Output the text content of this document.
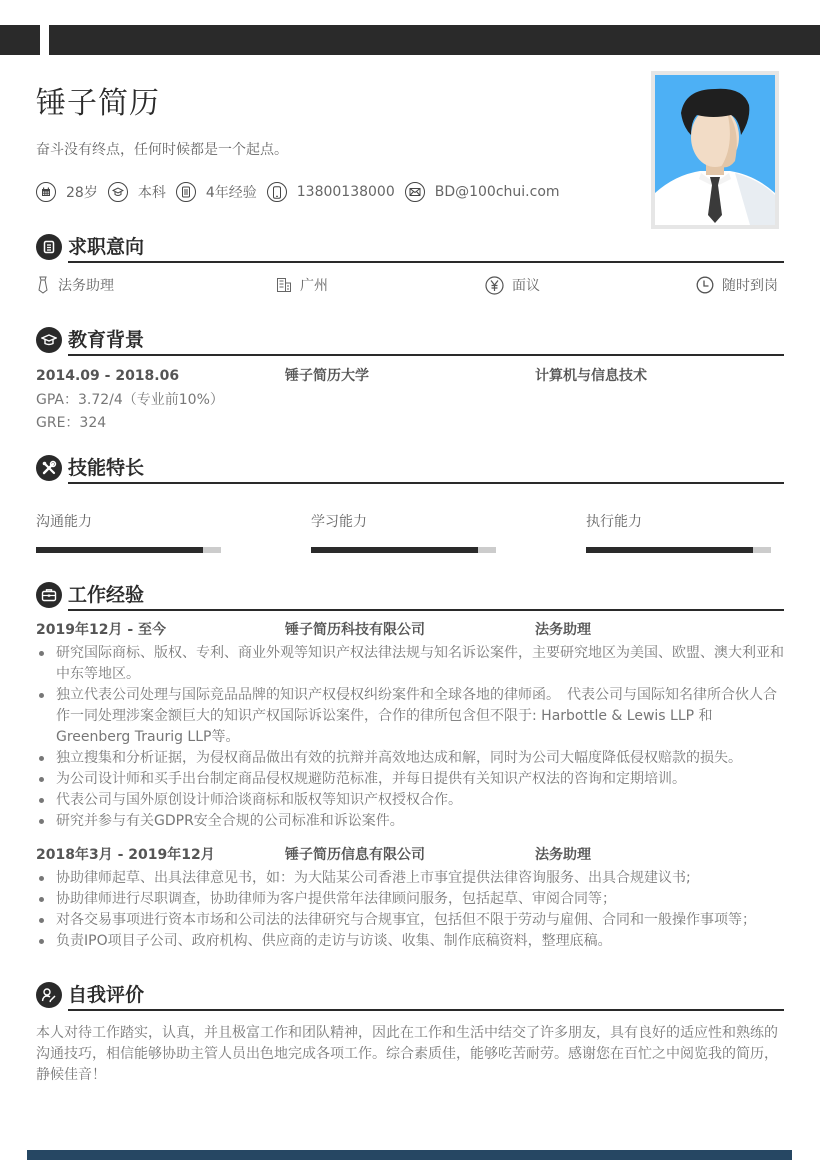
锤子简历
奋斗没有终点，任何时候都是一个起点。
28岁	本科	4年经验	13800138000	BD@100chui.com
求职意向
法务助理	广州	面议	随时到岗
教育背景
2014.09 - 2018.06	锤子简历大学	计算机与信息技术
GPA：3.72/4（专业前10%）
GRE：324
技能特长
沟通能力	学习能力	执行能力
工作经验
2019年12月 - 至今	锤子简历科技有限公司	法务助理
研究国际商标、版权、专利、商业外观等知识产权法律法规与知名诉讼案件，主要研究地区为美国、欧盟、澳大利亚和中东等地区。
独立代表公司处理与国际竞品品牌的知识产权侵权纠纷案件和全球各地的律师函。　代表公司与国际知名律所合伙人合作一同处理涉案金额巨大的知识产权国际诉讼案件，合作的律所包含但不限于: Harbottle & Lewis LLP 和 Greenberg Traurig LLP等。
独立搜集和分析证据，为侵权商品做出有效的抗辩并高效地达成和解，同时为公司大幅度降低侵权赔款的损失。
为公司设计师和买手出台制定商品侵权规避防范标准，并每日提供有关知识产权法的咨询和定期培训。
代表公司与国外原创设计师洽谈商标和版权等知识产权授权合作。
研究并参与有关GDPR安全合规的公司标准和诉讼案件。
2018年3月 - 2019年12月	锤子简历信息有限公司	法务助理
协助律师起草、出具法律意见书，如：为大陆某公司香港上市事宜提供法律咨询服务、出具合规建议书;
协助律师进行尽职调查，协助律师为客户提供常年法律顾问服务，包括起草、审阅合同等；
对各交易事项进行资本市场和公司法的法律研究与合规事宜，包括但不限于劳动与雇佣、合同和一般操作事项等；
负责IPO项目子公司、政府机构、供应商的走访与访谈、收集、制作底稿资料，整理底稿。
自我评价
本人对待工作踏实，认真，并且极富工作和团队精神，因此在工作和生活中结交了许多朋友，具有良好的适应性和熟练的沟通技巧，相信能够协助主管人员出色地完成各项工作。综合素质佳，能够吃苦耐劳。感谢您在百忙之中阅览我的简历，静候佳音！
